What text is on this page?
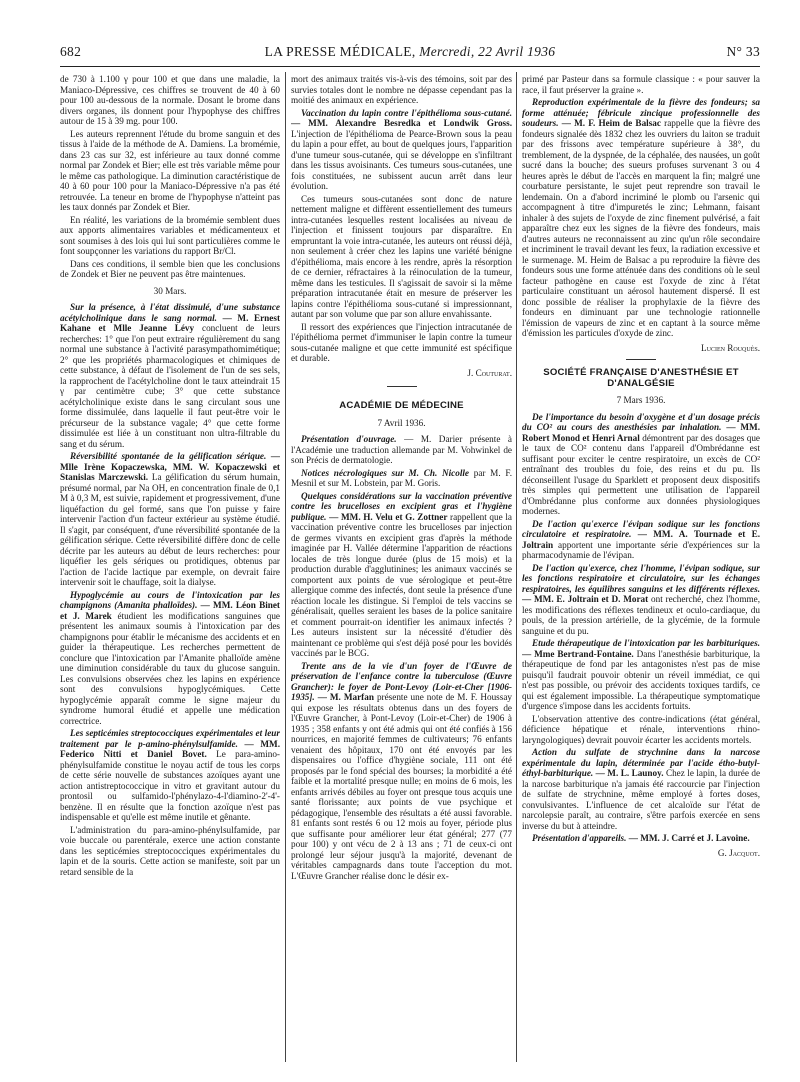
682	LA PRESSE MÉDICALE, Mercredi, 22 Avril 1936	N° 33

de 730 à 1.100 γ pour 100 et que dans une maladie, la Maniaco-Dépressive, ces chiffres se trouvent de 40 à 60 pour 100 au-dessous de la normale. Dosant le brome dans divers organes, ils donnent pour l'hypophyse des chiffres autour de 15 à 39 mg. pour 100.

Les auteurs reprennent l'étude du brome sanguin et des tissus à l'aide de la méthode de A. Damiens. La bromémie, dans 23 cas sur 32, est inférieure au taux donné comme normal par Zondek et Bier; elle est très variable même pour le même cas pathologique. La diminution caractéristique de 40 à 60 pour 100 pour la Maniaco-Dépressive n'a pas été retrouvée. La teneur en brome de l'hypophyse n'atteint pas les taux donnés par Zondek et Bier.

En réalité, les variations de la bromémie semblent dues aux apports alimentaires variables et médicamenteux et sont soumises à des lois qui lui sont particulières comme le font soupçonner les variations du rapport Br/Cl.

Dans ces conditions, il semble bien que les conclusions de Zondek et Bier ne peuvent pas être maintenues.

30 Mars.

Sur la présence, à l'état dissimulé, d'une substance acétylcholinique dans le sang normal. — M. Ernest Kahane et Mlle Jeanne Lévy concluent de leurs recherches: 1° que l'on peut extraire régulièrement du sang normal une substance à l'activité parasympathomimétique; 2° que les propriétés pharmacologiques et chimiques de cette substance, à défaut de l'isolement de l'un de ses sels, la rapprochent de l'acétylcholine dont le taux atteindrait 15 γ par centimètre cube; 3° que cette substance acétylcholinique existe dans le sang circulant sous une forme dissimulée, dans laquelle il faut peut-être voir le précurseur de la substance vagale; 4° que cette forme dissimulée est liée à un constituant non ultra-filtrable du sang et du sérum.

Réversibilité spontanée de la gélification sérique. — Mlle Irène Kopaczewska, MM. W. Kopaczewski et Stanislas Marczewski. La gélification du sérum humain, présumé normal, par Na OH, en concentration finale de 0,1 M à 0,3 M, est suivie, rapidement et progressivement, d'une liquéfaction du gel formé, sans que l'on puisse y faire intervenir l'action d'un facteur extérieur au système étudié. Il s'agit, par conséquent, d'une réversibilité spontanée de la gélification sérique. Cette réversibilité diffère donc de celle décrite par les auteurs au début de leurs recherches: pour liquéfier les gels sériques ou protidiques, obtenus par l'action de l'acide lactique par exemple, on devrait faire intervenir soit le chauffage, soit la dialyse.

Hypoglycémie au cours de l'intoxication par les champignons (Amanita phalloïdes). — MM. Léon Binet et J. Marek étudient les modifications sanguines que présentent les animaux soumis à l'intoxication par des champignons pour établir le mécanisme des accidents et en guider la thérapeutique. Les recherches permettent de conclure que l'intoxication par l'Amanite phalloïde amène une diminution considérable du taux du glucose sanguin. Les convulsions observées chez les lapins en expérience sont des convulsions hypoglycémiques. Cette hypoglycémie apparaît comme le signe majeur du syndrome humoral étudié et appelle une médication correctrice.

Les septicémies streptococciques expérimentales et leur traitement par le p-amino-phénylsulfamide. — MM. Federico Nitti et Daniel Bovet. Le para-amino-phénylsulfamide constitue le noyau actif de tous les corps de cette série nouvelle de substances azoïques ayant une action antistreptococcique in vitro et gravitant autour du prontosil ou sulfamido-l'phénylazo-4-l'diamino-2'-4'-benzène. Il en résulte que la fonction azoïque n'est pas indispensable et qu'elle est même inutile et gênante.

L'administration du para-amino-phénylsulfamide, par voie buccale ou parentérale, exerce une action constante dans les septicémies streptococciques expérimentales du lapin et de la souris. Cette action se manifeste, soit par un retard sensible de la

mort des animaux traités vis-à-vis des témoins, soit par des survies totales dont le nombre ne dépasse cependant pas la moitié des animaux en expérience.

Vaccination du lapin contre l'épithélioma sous-cutané. — MM. Alexandre Besredka et Londwik Gross. L'injection de l'épithélioma de Pearce-Brown sous la peau du lapin a pour effet, au bout de quelques jours, l'apparition d'une tumeur sous-cutanée, qui se développe en s'infiltrant dans les tissus avoisinants. Ces tumeurs sous-cutanées, une fois constituées, ne subissent aucun arrêt dans leur évolution.

Ces tumeurs sous-cutanées sont donc de nature nettement maligne et diffèrent essentiellement des tumeurs intra-cutanées lesquelles restent localisées au niveau de l'injection et finissent toujours par disparaître. En empruntant la voie intra-cutanée, les auteurs ont réussi déjà, non seulement à créer chez les lapins une variété bénigne d'épithélioma, mais encore à les rendre, après la résorption de ce dernier, réfractaires à la réinoculation de la tumeur, même dans les testicules. Il s'agissait de savoir si la même préparation intracutanée était en mesure de préserver les lapins contre l'épithélioma sous-cutané si impressionnant, autant par son volume que par son allure envahissante.

Il ressort des expériences que l'injection intracutanée de l'épithélioma permet d'immuniser le lapin contre la tumeur sous-cutanée maligne et que cette immunité est spécifique et durable.

J. Couturat.

ACADÉMIE DE MÉDECINE

7 Avril 1936.

Présentation d'ouvrage. — M. Darier présente à l'Académie une traduction allemande par M. Vohwinkel de son Précis de dermatologie.

Notices nécrologiques sur M. Ch. Nicolle par M. F. Mesnil et sur M. Lobstein, par M. Goris.

Quelques considérations sur la vaccination préventive contre les brucelloses en excipient gras et l'hygiène publique. — MM. H. Velu et G. Zottner rappellent que la vaccination préventive contre les brucelloses par injection de germes vivants en excipient gras d'après la méthode imaginée par H. Vallée détermine l'apparition de réactions locales de très longue durée (plus de 15 mois) et la production durable d'agglutinines; les animaux vaccinés se comportent aux points de vue sérologique et peut-être allergique comme des infectés, dont seule la présence d'une réaction locale les distingue. Si l'emploi de tels vaccins se généralisait, quelles seraient les bases de la police sanitaire et comment pourrait-on identifier les animaux infectés ? Les auteurs insistent sur la nécessité d'étudier dès maintenant ce problème qui s'est déjà posé pour les bovidés vaccinés par le BCG.

Trente ans de la vie d'un foyer de l'Œuvre de préservation de l'enfance contre la tuberculose (Œuvre Grancher): le foyer de Pont-Levoy (Loir-et-Cher [1906-1935]. — M. Marfan présente une note de M. F. Houssay qui expose les résultats obtenus dans un des foyers de l'Œuvre Grancher, à Pont-Levoy (Loir-et-Cher) de 1906 à 1935 ; 358 enfants y ont été admis qui ont été confiés à 156 nourrices, en majorité femmes de cultivateurs; 76 enfants venaient des hôpitaux, 170 ont été envoyés par les dispensaires ou l'office d'hygiène sociale, 111 ont été proposés par le fond spécial des bourses; la morbidité a été faible et la mortalité presque nulle; en moins de 6 mois, les enfants arrivés débiles au foyer ont presque tous acquis une santé florissante; aux points de vue psychique et pédagogique, l'ensemble des résultats a été aussi favorable. 81 enfants sont restés 6 ou 12 mois au foyer, période plus que suffisante pour améliorer leur état général; 277 (77 pour 100) y ont vécu de 2 à 13 ans ; 71 de ceux-ci ont prolongé leur séjour jusqu'à la majorité, devenant de véritables campagnards dans toute l'acception du mot. L'Œuvre Grancher réalise donc le désir ex-

primé par Pasteur dans sa formule classique : « pour sauver la race, il faut préserver la graine ».

Reproduction expérimentale de la fièvre des fondeurs; sa forme atténuée; fébricule zincique professionnelle des soudeurs. — M. F. Heim de Balsac rappelle que la fièvre des fondeurs signalée dès 1832 chez les ouvriers du laiton se traduit par des frissons avec température supérieure à 38°, du tremblement, de la dyspnée, de la céphalée, des nausées, un goût sucré dans la bouche; des sueurs profuses survenant 3 ou 4 heures après le début de l'accès en marquent la fin; malgré une courbature persistante, le sujet peut reprendre son travail le lendemain. On a d'abord incriminé le plomb ou l'arsenic qui accompagnent à titre d'impuretés le zinc; Lehmann, faisant inhaler à des sujets de l'oxyde de zinc finement pulvérisé, a fait apparaître chez eux les signes de la fièvre des fondeurs, mais d'autres auteurs ne reconnaissent au zinc qu'un rôle secondaire et incriminent le travail devant les feux, la radiation excessive et le surmenage. M. Heim de Balsac a pu reproduire la fièvre des fondeurs sous une forme atténuée dans des conditions où le seul facteur pathogène en cause est l'oxyde de zinc à l'état particulaire constituant un aérosol hautement dispersé. Il est donc possible de réaliser la prophylaxie de la fièvre des fondeurs en diminuant par une technologie rationnelle l'émission de vapeurs de zinc et en captant à la source même d'émission les particules d'oxyde de zinc.

Lucien Rouquès.

SOCIÉTÉ FRANÇAISE D'ANESTHÉSIE ET D'ANALGÉSIE

7 Mars 1936.

De l'importance du besoin d'oxygène et d'un dosage précis du CO² au cours des anesthésies par inhalation. — MM. Robert Monod et Henri Arnal démontrent par des dosages que le taux de CO² contenu dans l'appareil d'Ombrédanne est suffisant pour exciter le centre respiratoire, un excès de CO² entraînant des troubles du foie, des reins et du pu. Ils déconseillent l'usage du Sparklett et proposent deux dispositifs très simples qui permettent une utilisation de l'appareil d'Ombrédanne plus conforme aux données physiologiques modernes.

De l'action qu'exerce l'évipan sodique sur les fonctions circulatoire et respiratoire. — MM. A. Tournade et E. Joltrain apportent une importante série d'expériences sur la pharmacodynamie de l'évipan.

De l'action qu'exerce, chez l'homme, l'évipan sodique, sur les fonctions respiratoire et circulatoire, sur les échanges respiratoires, les équilibres sanguins et les différents réflexes. — MM. E. Joltrain et D. Morat ont recherché, chez l'homme, les modifications des réflexes tendineux et oculo-cardiaque, du pouls, de la pression artérielle, de la glycémie, de la formule sanguine et du pu.

Etude thérapeutique de l'intoxication par les barbituriques. — Mme Bertrand-Fontaine. Dans l'anesthésie barbiturique, la thérapeutique de fond par les antagonistes n'est pas de mise puisqu'il faudrait pouvoir obtenir un réveil immédiat, ce qui n'est pas possible, ou prévoir des accidents toxiques tardifs, ce qui est également impossible. La thérapeutique symptomatique d'urgence s'impose dans les accidents fortuits.

L'observation attentive des contre-indications (état général, déficience hépatique et rénale, interventions rhino-laryngologiques) devrait pouvoir écarter les accidents mortels.

Action du sulfate de strychnine dans la narcose expérimentale du lapin, déterminée par l'acide étho-butyl-éthyl-barbiturique. — M. L. Launoy. Chez le lapin, la durée de la narcose barbiturique n'a jamais été raccourcie par l'injection de sulfate de strychnine, même employé à fortes doses, convulsivantes. L'influence de cet alcaloïde sur l'état de narcolepsie paraît, au contraire, s'être parfois exercée en sens inverse du but à atteindre.

Présentation d'appareils. — MM. J. Carré et J. Lavoine.

G. Jacquot.
